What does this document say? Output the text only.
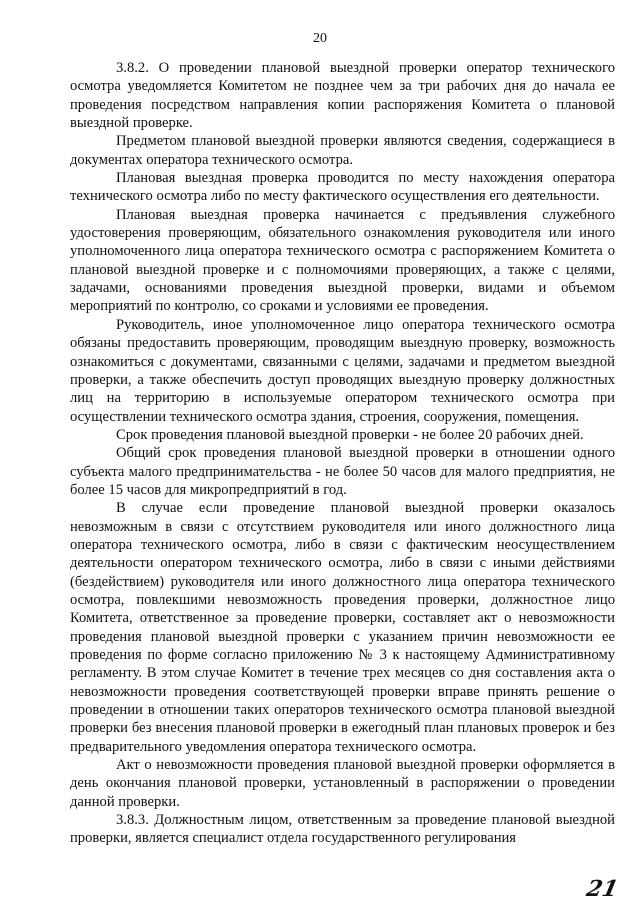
20

3.8.2. О проведении плановой выездной проверки оператор технического осмотра уведомляется Комитетом не позднее чем за три рабочих дня до начала ее проведения посредством направления копии распоряжения Комитета о плановой выездной проверке.

Предметом плановой выездной проверки являются сведения, содержащиеся в документах оператора технического осмотра.

Плановая выездная проверка проводится по месту нахождения оператора технического осмотра либо по месту фактического осуществления его деятельности.

Плановая выездная проверка начинается с предъявления служебного удостоверения проверяющим, обязательного ознакомления руководителя или иного уполномоченного лица оператора технического осмотра с распоряжением Комитета о плановой выездной проверке и с полномочиями проверяющих, а также с целями, задачами, основаниями проведения выездной проверки, видами и объемом мероприятий по контролю, со сроками и условиями ее проведения.

Руководитель, иное уполномоченное лицо оператора технического осмотра обязаны предоставить проверяющим, проводящим выездную проверку, возможность ознакомиться с документами, связанными с целями, задачами и предметом выездной проверки, а также обеспечить доступ проводящих выездную проверку должностных лиц на территорию в используемые оператором технического осмотра при осуществлении технического осмотра здания, строения, сооружения, помещения.

Срок проведения плановой выездной проверки - не более 20 рабочих дней.

Общий срок проведения плановой выездной проверки в отношении одного субъекта малого предпринимательства - не более 50 часов для малого предприятия, не более 15 часов для микропредприятий в год.

В случае если проведение плановой выездной проверки оказалось невозможным в связи с отсутствием руководителя или иного должностного лица оператора технического осмотра, либо в связи с фактическим неосуществлением деятельности оператором технического осмотра, либо в связи с иными действиями (бездействием) руководителя или иного должностного лица оператора технического осмотра, повлекшими невозможность проведения проверки, должностное лицо Комитета, ответственное за проведение проверки, составляет акт о невозможности проведения плановой выездной проверки с указанием причин невозможности ее проведения по форме согласно приложению № 3 к настоящему Административному регламенту. В этом случае Комитет в течение трех месяцев со дня составления акта о невозможности проведения соответствующей проверки вправе принять решение о проведении в отношении таких операторов технического осмотра плановой выездной проверки без внесения плановой проверки в ежегодный план плановых проверок и без предварительного уведомления оператора технического осмотра.

Акт о невозможности проведения плановой выездной проверки оформляется в день окончания плановой проверки, установленный в распоряжении о проведении данной проверки.

3.8.3. Должностным лицом, ответственным за проведение плановой выездной проверки, является специалист отдела государственного регулирования

21
